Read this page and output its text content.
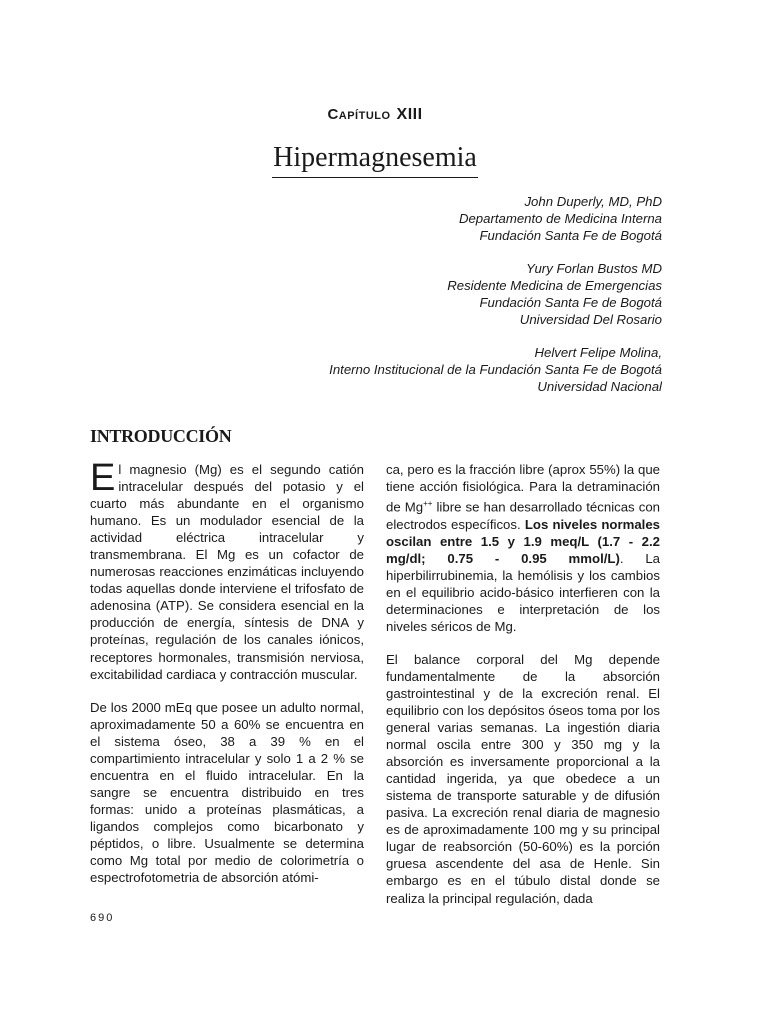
Capítulo XIII
Hipermagnesemia
John Duperly, MD, PhD
Departamento de Medicina Interna
Fundación Santa Fe de Bogotá
Yury Forlan Bustos MD
Residente Medicina de Emergencias
Fundación Santa Fe de Bogotá
Universidad Del Rosario
Helvert Felipe Molina,
Interno Institucional de la Fundación Santa Fe de Bogotá
Universidad Nacional
INTRODUCCIÓN

El magnesio (Mg) es el segundo catión intracelular después del potasio y el cuarto más abundante en el organismo humano. Es un modulador esencial de la actividad eléctrica intracelular y transmembrana. El Mg es un cofactor de numerosas reacciones enzimáticas incluyendo todas aquellas donde interviene el trifosfato de adenosina (ATP). Se considera esencial en la producción de energía, síntesis de DNA y proteínas, regulación de los canales iónicos, receptores hormonales, transmisión nerviosa, excitabilidad cardiaca y contracción muscular.

De los 2000 mEq que posee un adulto normal, aproximadamente 50 a 60% se encuentra en el sistema óseo, 38 a 39 % en el compartimiento intracelular y solo 1 a 2 % se encuentra en el fluido intracelular. En la sangre se encuentra distribuido en tres formas: unido a proteínas plasmáticas, a ligandos complejos como bicarbonato y péptidos, o libre. Usualmente se determina como Mg total por medio de colorimetría o espectrofotometria de absorción atómi-

ca, pero es la fracción libre (aprox 55%) la que tiene acción fisiológica. Para la detraminación de Mg++ libre se han desarrollado técnicas con electrodos específicos. Los niveles normales oscilan entre 1.5 y 1.9 meq/L (1.7 - 2.2 mg/dl; 0.75 - 0.95 mmol/L). La hiperbilirrubinemia, la hemólisis y los cambios en el equilibrio acido-básico interfieren con la determinaciones e interpretación de los niveles séricos de Mg.

El balance corporal del Mg depende fundamentalmente de la absorción gastrointestinal y de la excreción renal. El equilibrio con los depósitos óseos toma por los general varias semanas. La ingestión diaria normal oscila entre 300 y 350 mg y la absorción es inversamente proporcional a la cantidad ingerida, ya que obedece a un sistema de transporte saturable y de difusión pasiva. La excreción renal diaria de magnesio es de aproximadamente 100 mg y su principal lugar de reabsorción (50-60%) es la porción gruesa ascendente del asa de Henle. Sin embargo es en el túbulo distal donde se realiza la principal regulación, dada

690
